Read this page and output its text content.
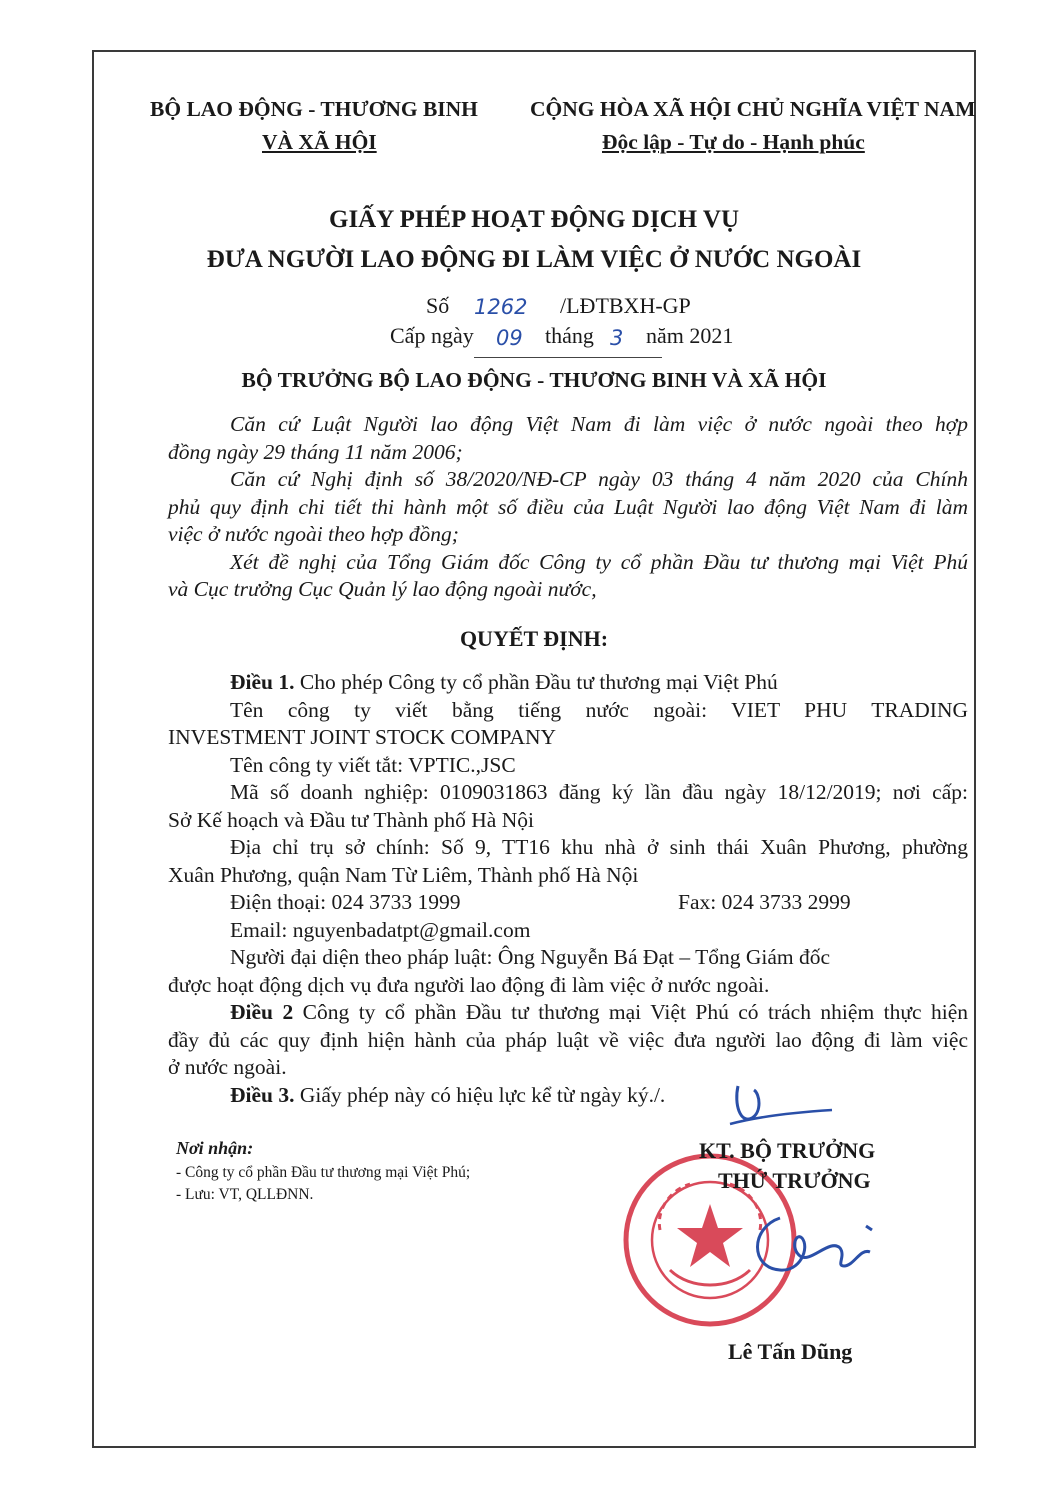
BỘ LAO ĐỘNG - THƯƠNG BINH
VÀ XÃ HỘI
CỘNG HÒA XÃ HỘI CHỦ NGHĨA VIỆT NAM
Độc lập - Tự do - Hạnh phúc
GIẤY PHÉP HOẠT ĐỘNG DỊCH VỤ
ĐƯA NGƯỜI LAO ĐỘNG ĐI LÀM VIỆC Ở NƯỚC NGOÀI
Số 1262 /LĐTBXH-GP
Cấp ngày 09 tháng 3 năm 2021
BỘ TRƯỞNG BỘ LAO ĐỘNG - THƯƠNG BINH VÀ XÃ HỘI
Căn cứ Luật Người lao động Việt Nam đi làm việc ở nước ngoài theo hợp
đồng ngày 29 tháng 11 năm 2006;
Căn cứ Nghị định số 38/2020/NĐ-CP ngày 03 tháng 4 năm 2020 của Chính
phủ quy định chi tiết thi hành một số điều của Luật Người lao động Việt Nam đi làm
việc ở nước ngoài theo hợp đồng;
Xét đề nghị của Tổng Giám đốc Công ty cổ phần Đầu tư thương mại Việt Phú
và Cục trưởng Cục Quản lý lao động ngoài nước,
QUYẾT ĐỊNH:
Điều 1. Cho phép Công ty cổ phần Đầu tư thương mại Việt Phú
Tên công ty viết bằng tiếng nước ngoài: VIET PHU TRADING
INVESTMENT JOINT STOCK COMPANY
Tên công ty viết tắt: VPTIC.,JSC
Mã số doanh nghiệp: 0109031863 đăng ký lần đầu ngày 18/12/2019; nơi cấp:
Sở Kế hoạch và Đầu tư Thành phố Hà Nội
Địa chỉ trụ sở chính: Số 9, TT16 khu nhà ở sinh thái Xuân Phương, phường
Xuân Phương, quận Nam Từ Liêm, Thành phố Hà Nội
Điện thoại: 024 3733 1999	Fax: 024 3733 2999
Email: nguyenbadatpt@gmail.com
Người đại diện theo pháp luật: Ông Nguyễn Bá Đạt – Tổng Giám đốc
được hoạt động dịch vụ đưa người lao động đi làm việc ở nước ngoài.
Điều 2 Công ty cổ phần Đầu tư thương mại Việt Phú có trách nhiệm thực hiện
đầy đủ các quy định hiện hành của pháp luật về việc đưa người lao động đi làm việc
ở nước ngoài.
Điều 3. Giấy phép này có hiệu lực kể từ ngày ký./.
Nơi nhận:
- Công ty cổ phần Đầu tư thương mại Việt Phú;
- Lưu: VT, QLLĐNN.
KT. BỘ TRƯỞNG
THỨ TRƯỞNG
Lê Tấn Dũng
